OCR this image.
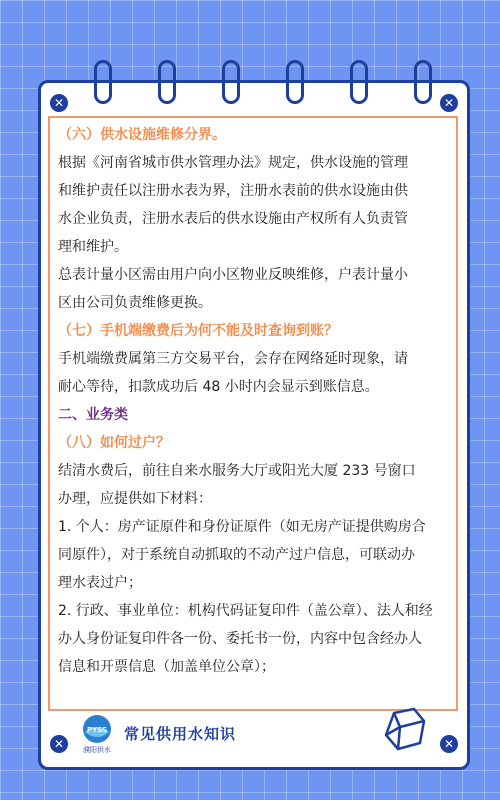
✕	✕
✕	✕
（六）供水设施维修分界。
根据《河南省城市供水管理办法》规定，供水设施的管理
和维护责任以注册水表为界，注册水表前的供水设施由供
水企业负责，注册水表后的供水设施由产权所有人负责管
理和维护。
总表计量小区需由用户向小区物业反映维修，户表计量小
区由公司负责维修更换。
（七）手机端缴费后为何不能及时查询到账？
手机端缴费属第三方交易平台，会存在网络延时现象，请
耐心等待，扣款成功后 48 小时内会显示到账信息。
二、业务类
（八）如何过户？
结清水费后，前往自来水服务大厅或阳光大厦 233 号窗口
办理，应提供如下材料：
1. 个人：房产证原件和身份证原件（如无房产证提供购房合
同原件），对于系统自动抓取的不动产过户信息，可联动办
理水表过户；
2. 行政、事业单位：机构代码证复印件（盖公章）、法人和经
办人身份证复印件各一份、委托书一份，内容中包含经办人
信息和开票信息（加盖单位公章）；
PYSS
濮阳供水
常见供用水知识
